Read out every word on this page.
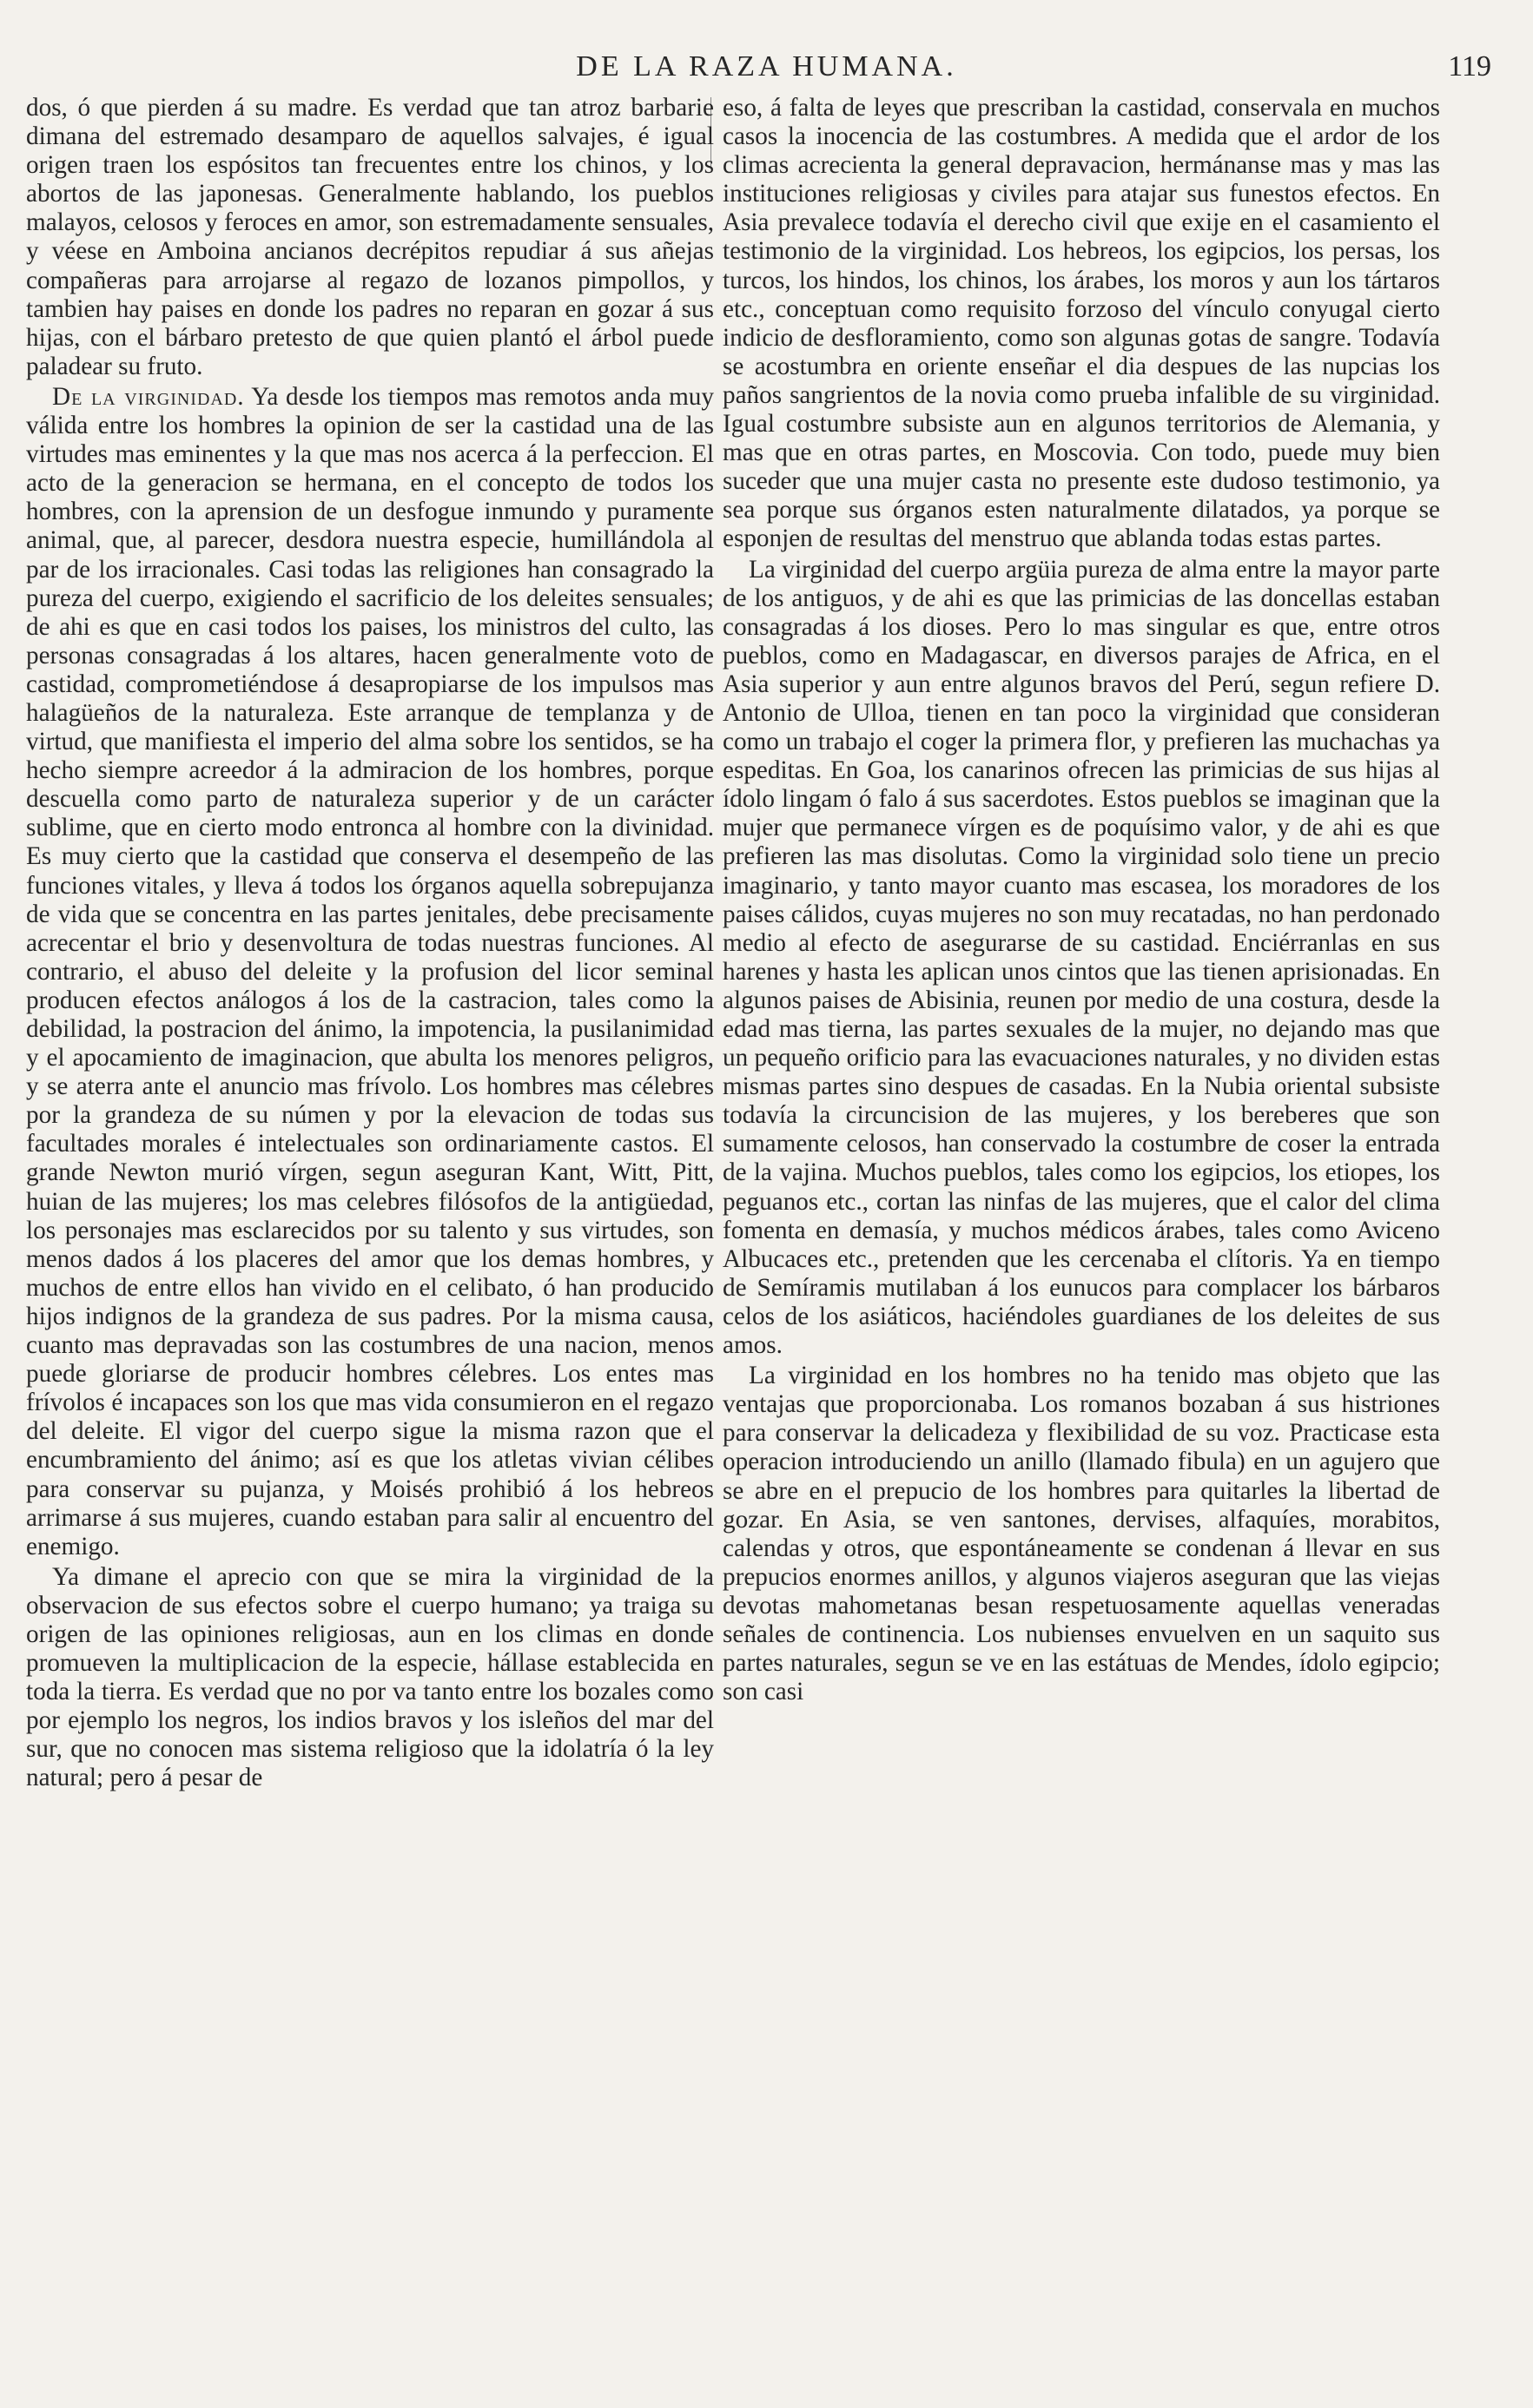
DE LA RAZA HUMANA.	119

dos, ó que pierden á su madre. Es verdad que tan atroz barbarie dimana del estremado desamparo de aquellos salvajes, é igual origen traen los espósitos tan frecuentes entre los chinos, y los abortos de las japonesas. Generalmente hablando, los pueblos malayos, celosos y feroces en amor, son estremadamente sensuales, y véese en Amboina ancianos decrépitos repudiar á sus añejas compañeras para arrojarse al regazo de lozanos pimpollos, y tambien hay paises en donde los padres no reparan en gozar á sus hijas, con el bárbaro pretesto de que quien plantó el árbol puede paladear su fruto.

De la virginidad. Ya desde los tiempos mas remotos anda muy válida entre los hombres la opinion de ser la castidad una de las virtudes mas eminentes y la que mas nos acerca á la perfeccion. El acto de la generacion se hermana, en el concepto de todos los hombres, con la aprension de un desfogue inmundo y puramente animal, que, al parecer, desdora nuestra especie, humillándola al par de los irracionales. Casi todas las religiones han consagrado la pureza del cuerpo, exigiendo el sacrificio de los deleites sensuales; de ahi es que en casi todos los paises, los ministros del culto, las personas consagradas á los altares, hacen generalmente voto de castidad, comprometiéndose á desapropiarse de los impulsos mas halagüeños de la naturaleza. Este arranque de templanza y de virtud, que manifiesta el imperio del alma sobre los sentidos, se ha hecho siempre acreedor á la admiracion de los hombres, porque descuella como parto de naturaleza superior y de un carácter sublime, que en cierto modo entronca al hombre con la divinidad. Es muy cierto que la castidad que conserva el desempeño de las funciones vitales, y lleva á todos los órganos aquella sobrepujanza de vida que se concentra en las partes jenitales, debe precisamente acrecentar el brio y desenvoltura de todas nuestras funciones. Al contrario, el abuso del deleite y la profusion del licor seminal producen efectos análogos á los de la castracion, tales como la debilidad, la postracion del ánimo, la impotencia, la pusilanimidad y el apocamiento de imaginacion, que abulta los menores peligros, y se aterra ante el anuncio mas frívolo. Los hombres mas célebres por la grandeza de su númen y por la elevacion de todas sus facultades morales é intelectuales son ordinariamente castos. El grande Newton murió vírgen, segun aseguran Kant, Witt, Pitt, huian de las mujeres; los mas celebres filósofos de la antigüedad, los personajes mas esclarecidos por su talento y sus virtudes, son menos dados á los placeres del amor que los demas hombres, y muchos de entre ellos han vivido en el celibato, ó han producido hijos indignos de la grandeza de sus padres. Por la misma causa, cuanto mas depravadas son las costumbres de una nacion, menos puede gloriarse de producir hombres célebres. Los entes mas frívolos é incapaces son los que mas vida consumieron en el regazo del deleite. El vigor del cuerpo sigue la misma razon que el encumbramiento del ánimo; así es que los atletas vivian célibes para conservar su pujanza, y Moisés prohibió á los hebreos arrimarse á sus mujeres, cuando estaban para salir al encuentro del enemigo.

Ya dimane el aprecio con que se mira la virginidad de la observacion de sus efectos sobre el cuerpo humano; ya traiga su origen de las opiniones religiosas, aun en los climas en donde promueven la multiplicacion de la especie, hállase establecida en toda la tierra. Es verdad que no por va tanto entre los bozales como por ejemplo los negros, los indios bravos y los isleños del mar del sur, que no conocen mas sistema religioso que la idolatría ó la ley natural; pero á pesar de

eso, á falta de leyes que prescriban la castidad, conservala en muchos casos la inocencia de las costumbres. A medida que el ardor de los climas acrecienta la general depravacion, hermánanse mas y mas las instituciones religiosas y civiles para atajar sus funestos efectos. En Asia prevalece todavía el derecho civil que exije en el casamiento el testimonio de la virginidad. Los hebreos, los egipcios, los persas, los turcos, los hindos, los chinos, los árabes, los moros y aun los tártaros etc., conceptuan como requisito forzoso del vínculo conyugal cierto indicio de desfloramiento, como son algunas gotas de sangre. Todavía se acostumbra en oriente enseñar el dia despues de las nupcias los paños sangrientos de la novia como prueba infalible de su virginidad. Igual costumbre subsiste aun en algunos territorios de Alemania, y mas que en otras partes, en Moscovia. Con todo, puede muy bien suceder que una mujer casta no presente este dudoso testimonio, ya sea porque sus órganos esten naturalmente dilatados, ya porque se esponjen de resultas del menstruo que ablanda todas estas partes.

La virginidad del cuerpo argüia pureza de alma entre la mayor parte de los antiguos, y de ahi es que las primicias de las doncellas estaban consagradas á los dioses. Pero lo mas singular es que, entre otros pueblos, como en Madagascar, en diversos parajes de Africa, en el Asia superior y aun entre algunos bravos del Perú, segun refiere D. Antonio de Ulloa, tienen en tan poco la virginidad que consideran como un trabajo el coger la primera flor, y prefieren las muchachas ya espeditas. En Goa, los canarinos ofrecen las primicias de sus hijas al ídolo lingam ó falo á sus sacerdotes. Estos pueblos se imaginan que la mujer que permanece vírgen es de poquísimo valor, y de ahi es que prefieren las mas disolutas. Como la virginidad solo tiene un precio imaginario, y tanto mayor cuanto mas escasea, los moradores de los paises cálidos, cuyas mujeres no son muy recatadas, no han perdonado medio al efecto de asegurarse de su castidad. Enciérranlas en sus harenes y hasta les aplican unos cintos que las tienen aprisionadas. En algunos paises de Abisinia, reunen por medio de una costura, desde la edad mas tierna, las partes sexuales de la mujer, no dejando mas que un pequeño orificio para las evacuaciones naturales, y no dividen estas mismas partes sino despues de casadas. En la Nubia oriental subsiste todavía la circuncision de las mujeres, y los bereberes que son sumamente celosos, han conservado la costumbre de coser la entrada de la vajina. Muchos pueblos, tales como los egipcios, los etiopes, los peguanos etc., cortan las ninfas de las mujeres, que el calor del clima fomenta en demasía, y muchos médicos árabes, tales como Aviceno Albucaces etc., pretenden que les cercenaba el clítoris. Ya en tiempo de Semíramis mutilaban á los eunucos para complacer los bárbaros celos de los asiáticos, haciéndoles guardianes de los deleites de sus amos.

La virginidad en los hombres no ha tenido mas objeto que las ventajas que proporcionaba. Los romanos bozaban á sus histriones para conservar la delicadeza y flexibilidad de su voz. Practicase esta operacion introduciendo un anillo (llamado fibula) en un agujero que se abre en el prepucio de los hombres para quitarles la libertad de gozar. En Asia, se ven santones, dervises, alfaquíes, morabitos, calendas y otros, que espontáneamente se condenan á llevar en sus prepucios enormes anillos, y algunos viajeros aseguran que las viejas devotas mahometanas besan respetuosamente aquellas veneradas señales de continencia. Los nubienses envuelven en un saquito sus partes naturales, segun se ve en las estátuas de Mendes, ídolo egipcio; son casi
